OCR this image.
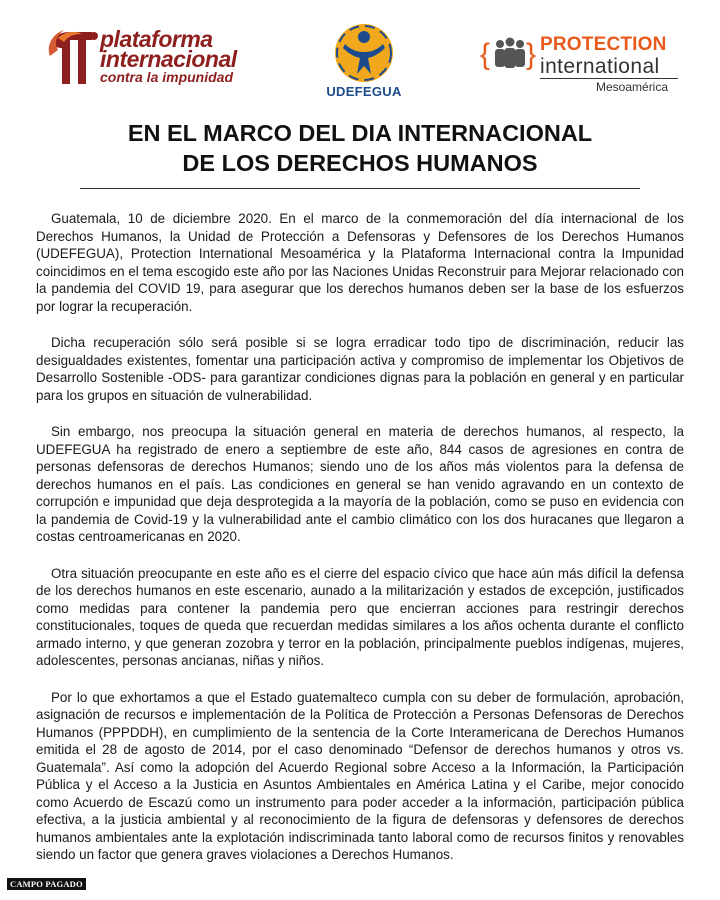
plataforma
internacional
contra la impunidad
UDEFEGUA
{ } PROTECTION
international
Mesoamérica
EN EL MARCO DEL DIA INTERNACIONAL
DE LOS DERECHOS HUMANOS

Guatemala, 10 de diciembre 2020. En el marco de la conmemoración del día internacional de los Derechos Humanos, la Unidad de Protección a Defensoras y Defensores de los Derechos Humanos (UDEFEGUA), Protection International Mesoamérica y la Plataforma Internacional contra la Impunidad coincidimos en el tema escogido este año por las Naciones Unidas Reconstruir para Mejorar relacionado con la pandemia del COVID 19, para asegurar que los derechos humanos deben ser la base de los esfuerzos por lograr la recuperación.

Dicha recuperación sólo será posible si se logra erradicar todo tipo de discriminación, reducir las desigualdades existentes, fomentar una participación activa y compromiso de implementar los Objetivos de Desarrollo Sostenible -ODS- para garantizar condiciones dignas para la población en general y en particular para los grupos en situación de vulnerabilidad.

Sin embargo, nos preocupa la situación general en materia de derechos humanos, al respecto, la UDEFEGUA ha registrado de enero a septiembre de este año, 844 casos de agresiones en contra de personas defensoras de derechos Humanos; siendo uno de los años más violentos para la defensa de derechos humanos en el país. Las condiciones en general se han venido agravando en un contexto de corrupción e impunidad que deja desprotegida a la mayoría de la población, como se puso en evidencia con la pandemia de Covid-19 y la vulnerabilidad ante el cambio climático con los dos huracanes que llegaron a costas centroamericanas en 2020.

Otra situación preocupante en este año es el cierre del espacio cívico que hace aún más difícil la defensa de los derechos humanos en este escenario, aunado a la militarización y estados de excepción, justificados como medidas para contener la pandemia pero que encierran acciones para restringir derechos constitucionales, toques de queda que recuerdan medidas similares a los años ochenta durante el conflicto armado interno, y que generan zozobra y terror en la población, principalmente pueblos indígenas, mujeres, adolescentes, personas ancianas, niñas y niños.

Por lo que exhortamos a que el Estado guatemalteco cumpla con su deber de formulación, aprobación, asignación de recursos e implementación de la Política de Protección a Personas Defensoras de Derechos Humanos (PPPDDH), en cumplimiento de la sentencia de la Corte Interamericana de Derechos Humanos emitida el 28 de agosto de 2014, por el caso denominado “Defensor de derechos humanos y otros vs. Guatemala”. Así como la adopción del Acuerdo Regional sobre Acceso a la Información, la Participación Pública y el Acceso a la Justicia en Asuntos Ambientales en América Latina y el Caribe, mejor conocido como Acuerdo de Escazú como un instrumento para poder acceder a la información, participación pública efectiva, a la justicia ambiental y al reconocimiento de la figura de defensoras y defensores de derechos humanos ambientales ante la explotación indiscriminada tanto laboral como de recursos finitos y renovables siendo un factor que genera graves violaciones a Derechos Humanos.

CAMPO PAGADO
